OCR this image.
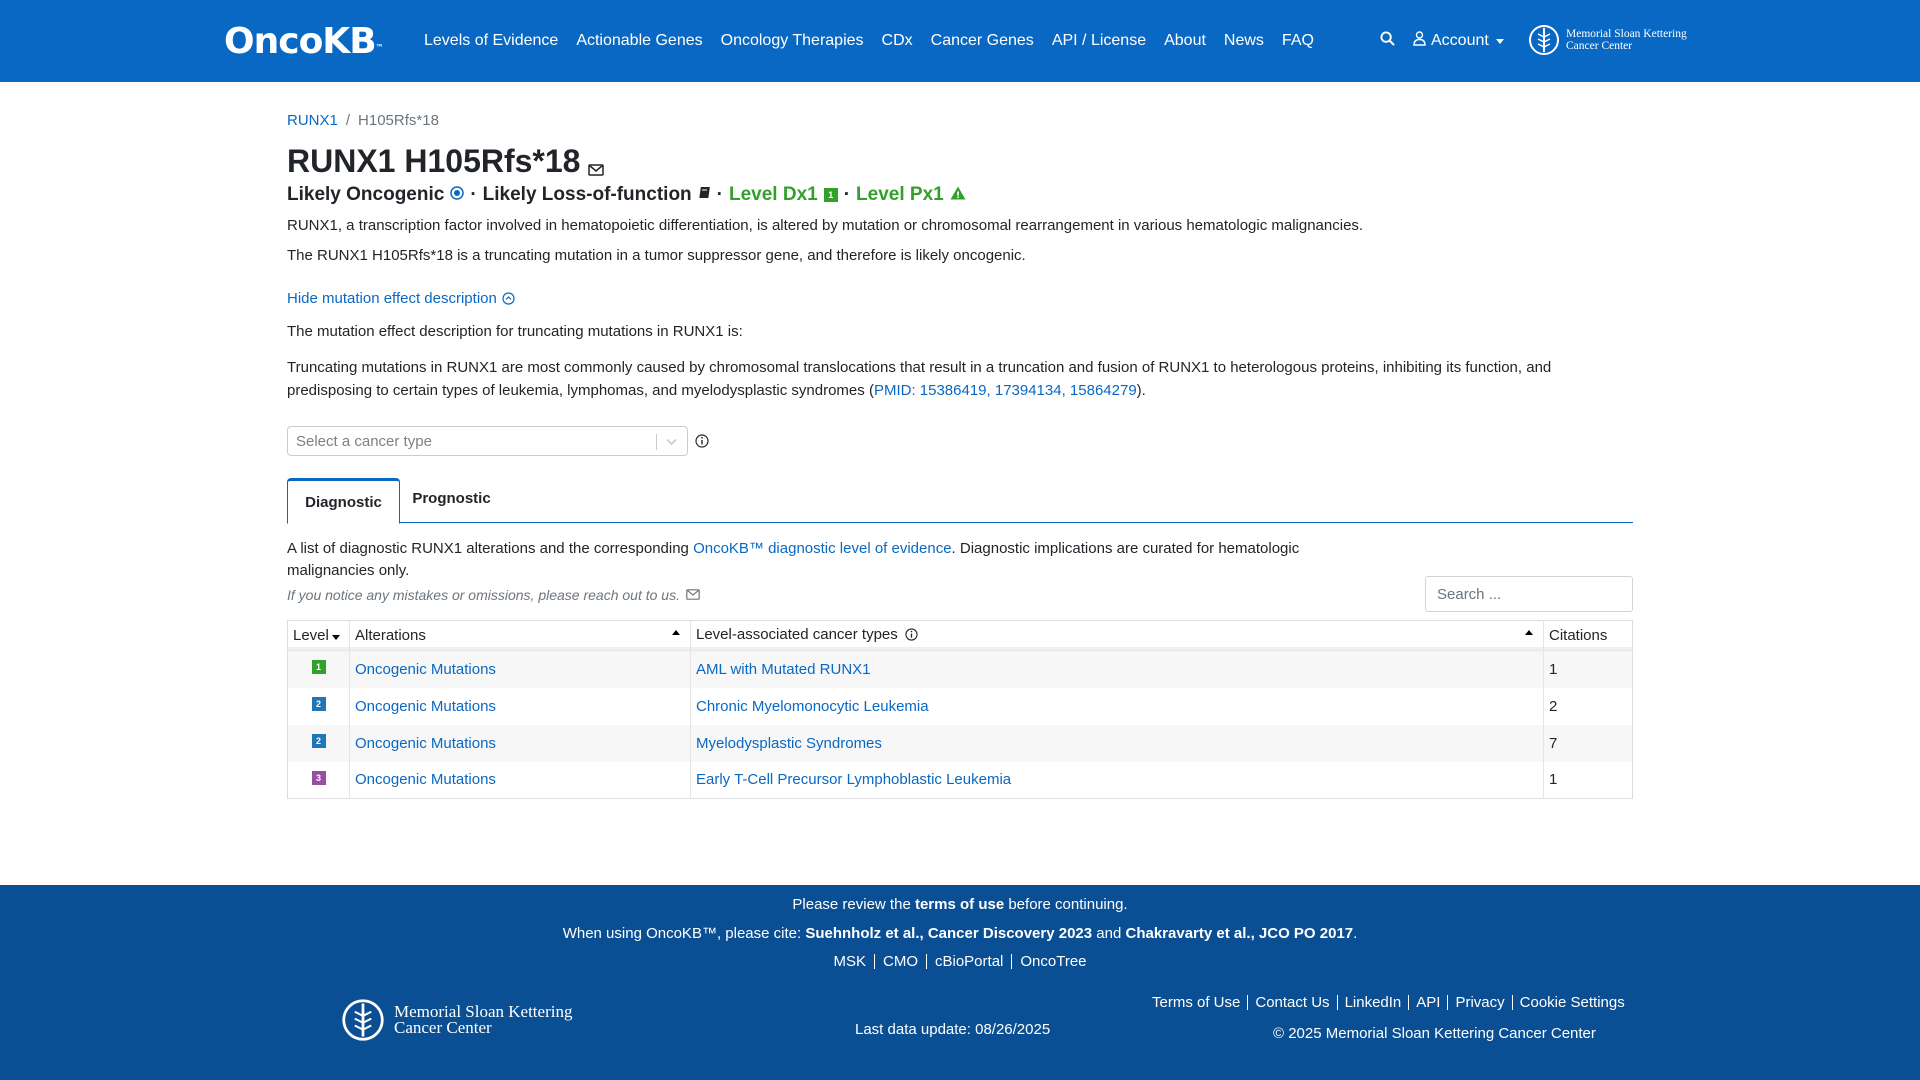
OncoKB™	Levels of Evidence	Actionable Genes	Oncology Therapies	CDx	Cancer Genes	API / License	About	News	FAQ	Account	Memorial Sloan Kettering
Cancer Center
RUNX1 / H105Rfs*18
RUNX1 H105Rfs*18
Likely Oncogenic · Likely Loss-of-function · Level Dx1	1 · Level Px1 !
RUNX1, a transcription factor involved in hematopoietic differentiation, is altered by mutation or chromosomal rearrangement in various hematologic malignancies.
The RUNX1 H105Rfs*18 is a truncating mutation in a tumor suppressor gene, and therefore is likely oncogenic.
Hide mutation effect description
The mutation effect description for truncating mutations in RUNX1 is:
Truncating mutations in RUNX1 are most commonly caused by chromosomal translocations that result in a truncation and fusion of RUNX1 to heterologous proteins, inhibiting its function, and predisposing to certain types of leukemia, lymphomas, and myelodysplastic syndromes (PMID: 15386419, 17394134, 15864279).
Select a cancer type
Diagnostic	Prognostic
A list of diagnostic RUNX1 alterations and the corresponding OncoKB™ diagnostic level of evidence. Diagnostic implications are curated for hematologic malignancies only.
If you notice any mistakes or omissions, please reach out to us.
Search ...
Level	Alterations	Level-associated cancer types	Citations
1	Oncogenic Mutations	AML with Mutated RUNX1	1
2	Oncogenic Mutations	Chronic Myelomonocytic Leukemia	2
2	Oncogenic Mutations	Myelodysplastic Syndromes	7
3	Oncogenic Mutations	Early T-Cell Precursor Lymphoblastic Leukemia	1
Please review the terms of use before continuing.
When using OncoKB™, please cite: Suehnholz et al., Cancer Discovery 2023 and Chakravarty et al., JCO PO 2017.
MSK	CMO	cBioPortal	OncoTree
Memorial Sloan Kettering
Cancer Center	Last data update: 08/26/2025
Terms of Use	Contact Us	LinkedIn	API	Privacy	Cookie Settings
© 2025 Memorial Sloan Kettering Cancer Center
